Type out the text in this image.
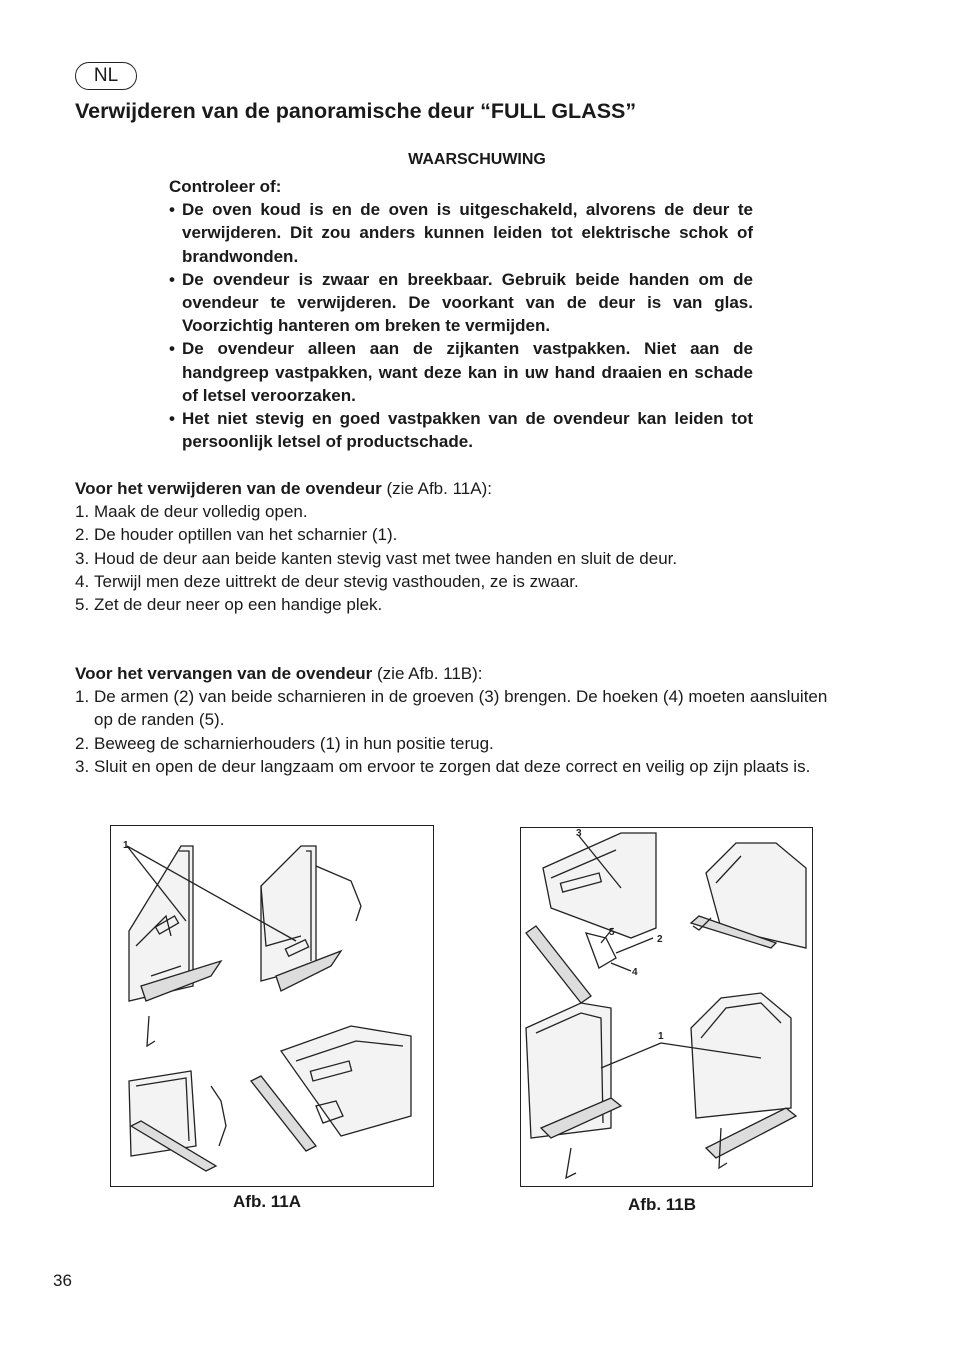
NL
Verwijderen van de panoramische deur “FULL GLASS”
WAARSCHUWING

Controleer of:

• De oven koud is en de oven is uitgeschakeld, alvorens de deur te verwijderen. Dit zou anders kunnen leiden tot elektrische schok of brandwonden.
• De ovendeur is zwaar en breekbaar. Gebruik beide handen om de ovendeur te verwijderen. De voorkant van de deur is van glas. Voorzichtig hanteren om breken te vermijden.
• De ovendeur alleen aan de zijkanten vastpakken. Niet aan de handgreep vastpakken, want deze kan in uw hand draaien en schade of letsel veroorzaken.
• Het niet stevig en goed vastpakken van de ovendeur kan leiden tot persoonlijk letsel of productschade.

Voor het verwijderen van de ovendeur (zie Afb. 11A):

1. Maak de deur volledig open.
2. De houder optillen van het scharnier (1).
3. Houd de deur aan beide kanten stevig vast met twee handen en sluit de deur.
4. Terwijl men deze uittrekt de deur stevig vasthouden, ze is zwaar.
5. Zet de deur neer op een handige plek.

Voor het vervangen van de ovendeur (zie Afb. 11B):

1. De armen (2) van beide scharnieren in de groeven (3) brengen. De hoeken (4) moeten aansluiten op de randen (5).
2. Beweeg de scharnierhouders (1) in hun positie terug.
3. Sluit en open de deur langzaam om ervoor te zorgen dat deze correct en veilig op zijn plaats is.
1
Afb. 11A
3
5
2
4
1
Afb. 11B
36
